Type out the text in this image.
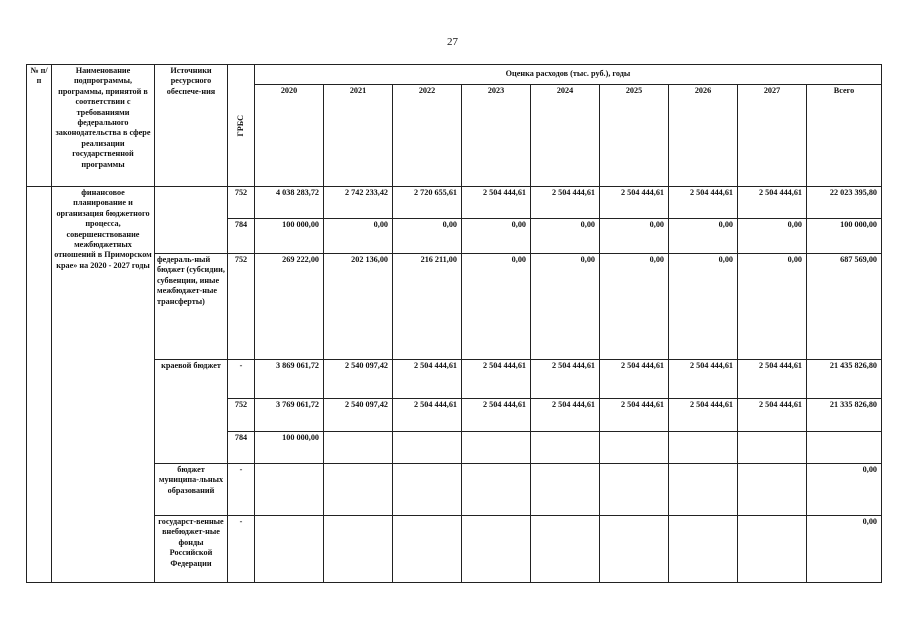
27
№ п/п	Наименование подпрограммы, программы, принятой в соответствии с требованиями федерального законодательства в сфере реализации государственной программы	Источники ресурсного обеспече-ния	ГРБС	Оценка расходов (тыс. руб.), годы								
				2020	2021	2022	2023	2024	2025	2026	2027	Всего
	финансовое планирование и организация бюджетного процесса, совершенствование межбюджетных отношений в Приморском крае» на 2020 - 2027 годы		752	4 038 283,72	2 742 233,42	2 720 655,61	2 504 444,61	2 504 444,61	2 504 444,61	2 504 444,61	2 504 444,61	22 023 395,80
			784	100 000,00	0,00	0,00	0,00	0,00	0,00	0,00	0,00	100 000,00
		федераль-ный бюджет (субсидии, субвенции, иные межбюджет-ные трансферты)	752	269 222,00	202 136,00	216 211,00	0,00	0,00	0,00	0,00	0,00	687 569,00
		краевой бюджет	-	3 869 061,72	2 540 097,42	2 504 444,61	2 504 444,61	2 504 444,61	2 504 444,61	2 504 444,61	2 504 444,61	21 435 826,80
			752	3 769 061,72	2 540 097,42	2 504 444,61	2 504 444,61	2 504 444,61	2 504 444,61	2 504 444,61	2 504 444,61	21 335 826,80
			784	100 000,00								
		бюджет муниципа-льных образований	-									0,00
		государст-венные внебюджет-ные фонды Российской Федерации	-									0,00
